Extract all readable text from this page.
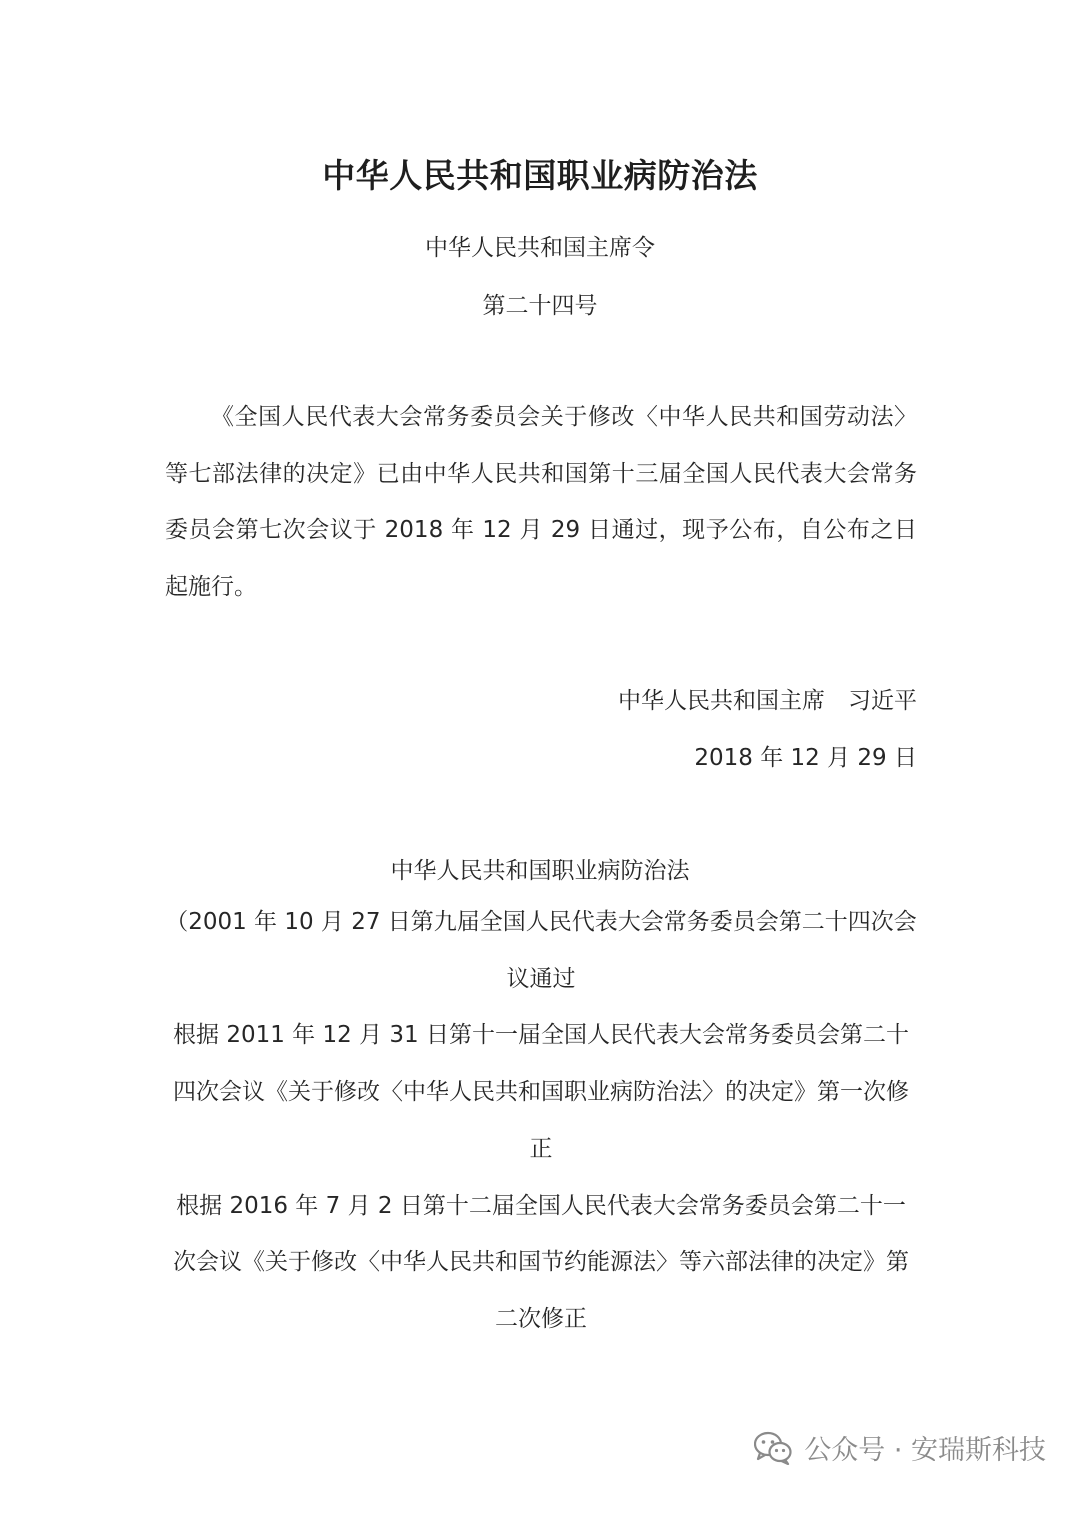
中华人民共和国职业病防治法
中华人民共和国主席令
第二十四号
《全国人民代表大会常务委员会关于修改〈中华人民共和国劳动法〉等七部法律的决定》已由中华人民共和国第十三届全国人民代表大会常务委员会第七次会议于 2018 年 12 月 29 日通过，现予公布，自公布之日起施行。
中华人民共和国主席　习近平
2018 年 12 月 29 日
中华人民共和国职业病防治法

（2001 年 10 月 27 日第九届全国人民代表大会常务委员会第二十四次会议通过

根据 2011 年 12 月 31 日第十一届全国人民代表大会常务委员会第二十四次会议《关于修改〈中华人民共和国职业病防治法〉的决定》第一次修正

根据 2016 年 7 月 2 日第十二届全国人民代表大会常务委员会第二十一次会议《关于修改〈中华人民共和国节约能源法〉等六部法律的决定》第二次修正

公众号 · 安瑞斯科技
